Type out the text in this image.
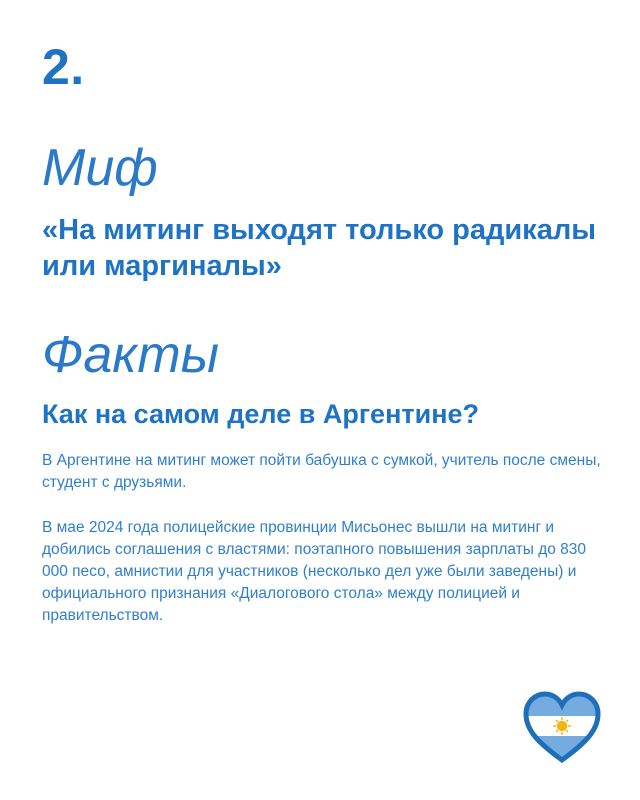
2.
Миф
«На митинг выходят только радикалы или маргиналы»
Факты
Как на самом деле в Аргентине?
В Аргентине на митинг может пойти бабушка с сумкой, учитель после смены, студент с друзьями.
В мае 2024 года полицейские провинции Мисьонес вышли на митинг и добились соглашения с властями: поэтапного повышения зарплаты до 830 000 песо, амнистии для участников (несколько дел уже были заведены) и официального признания «Диалогового стола» между полицией и правительством.
